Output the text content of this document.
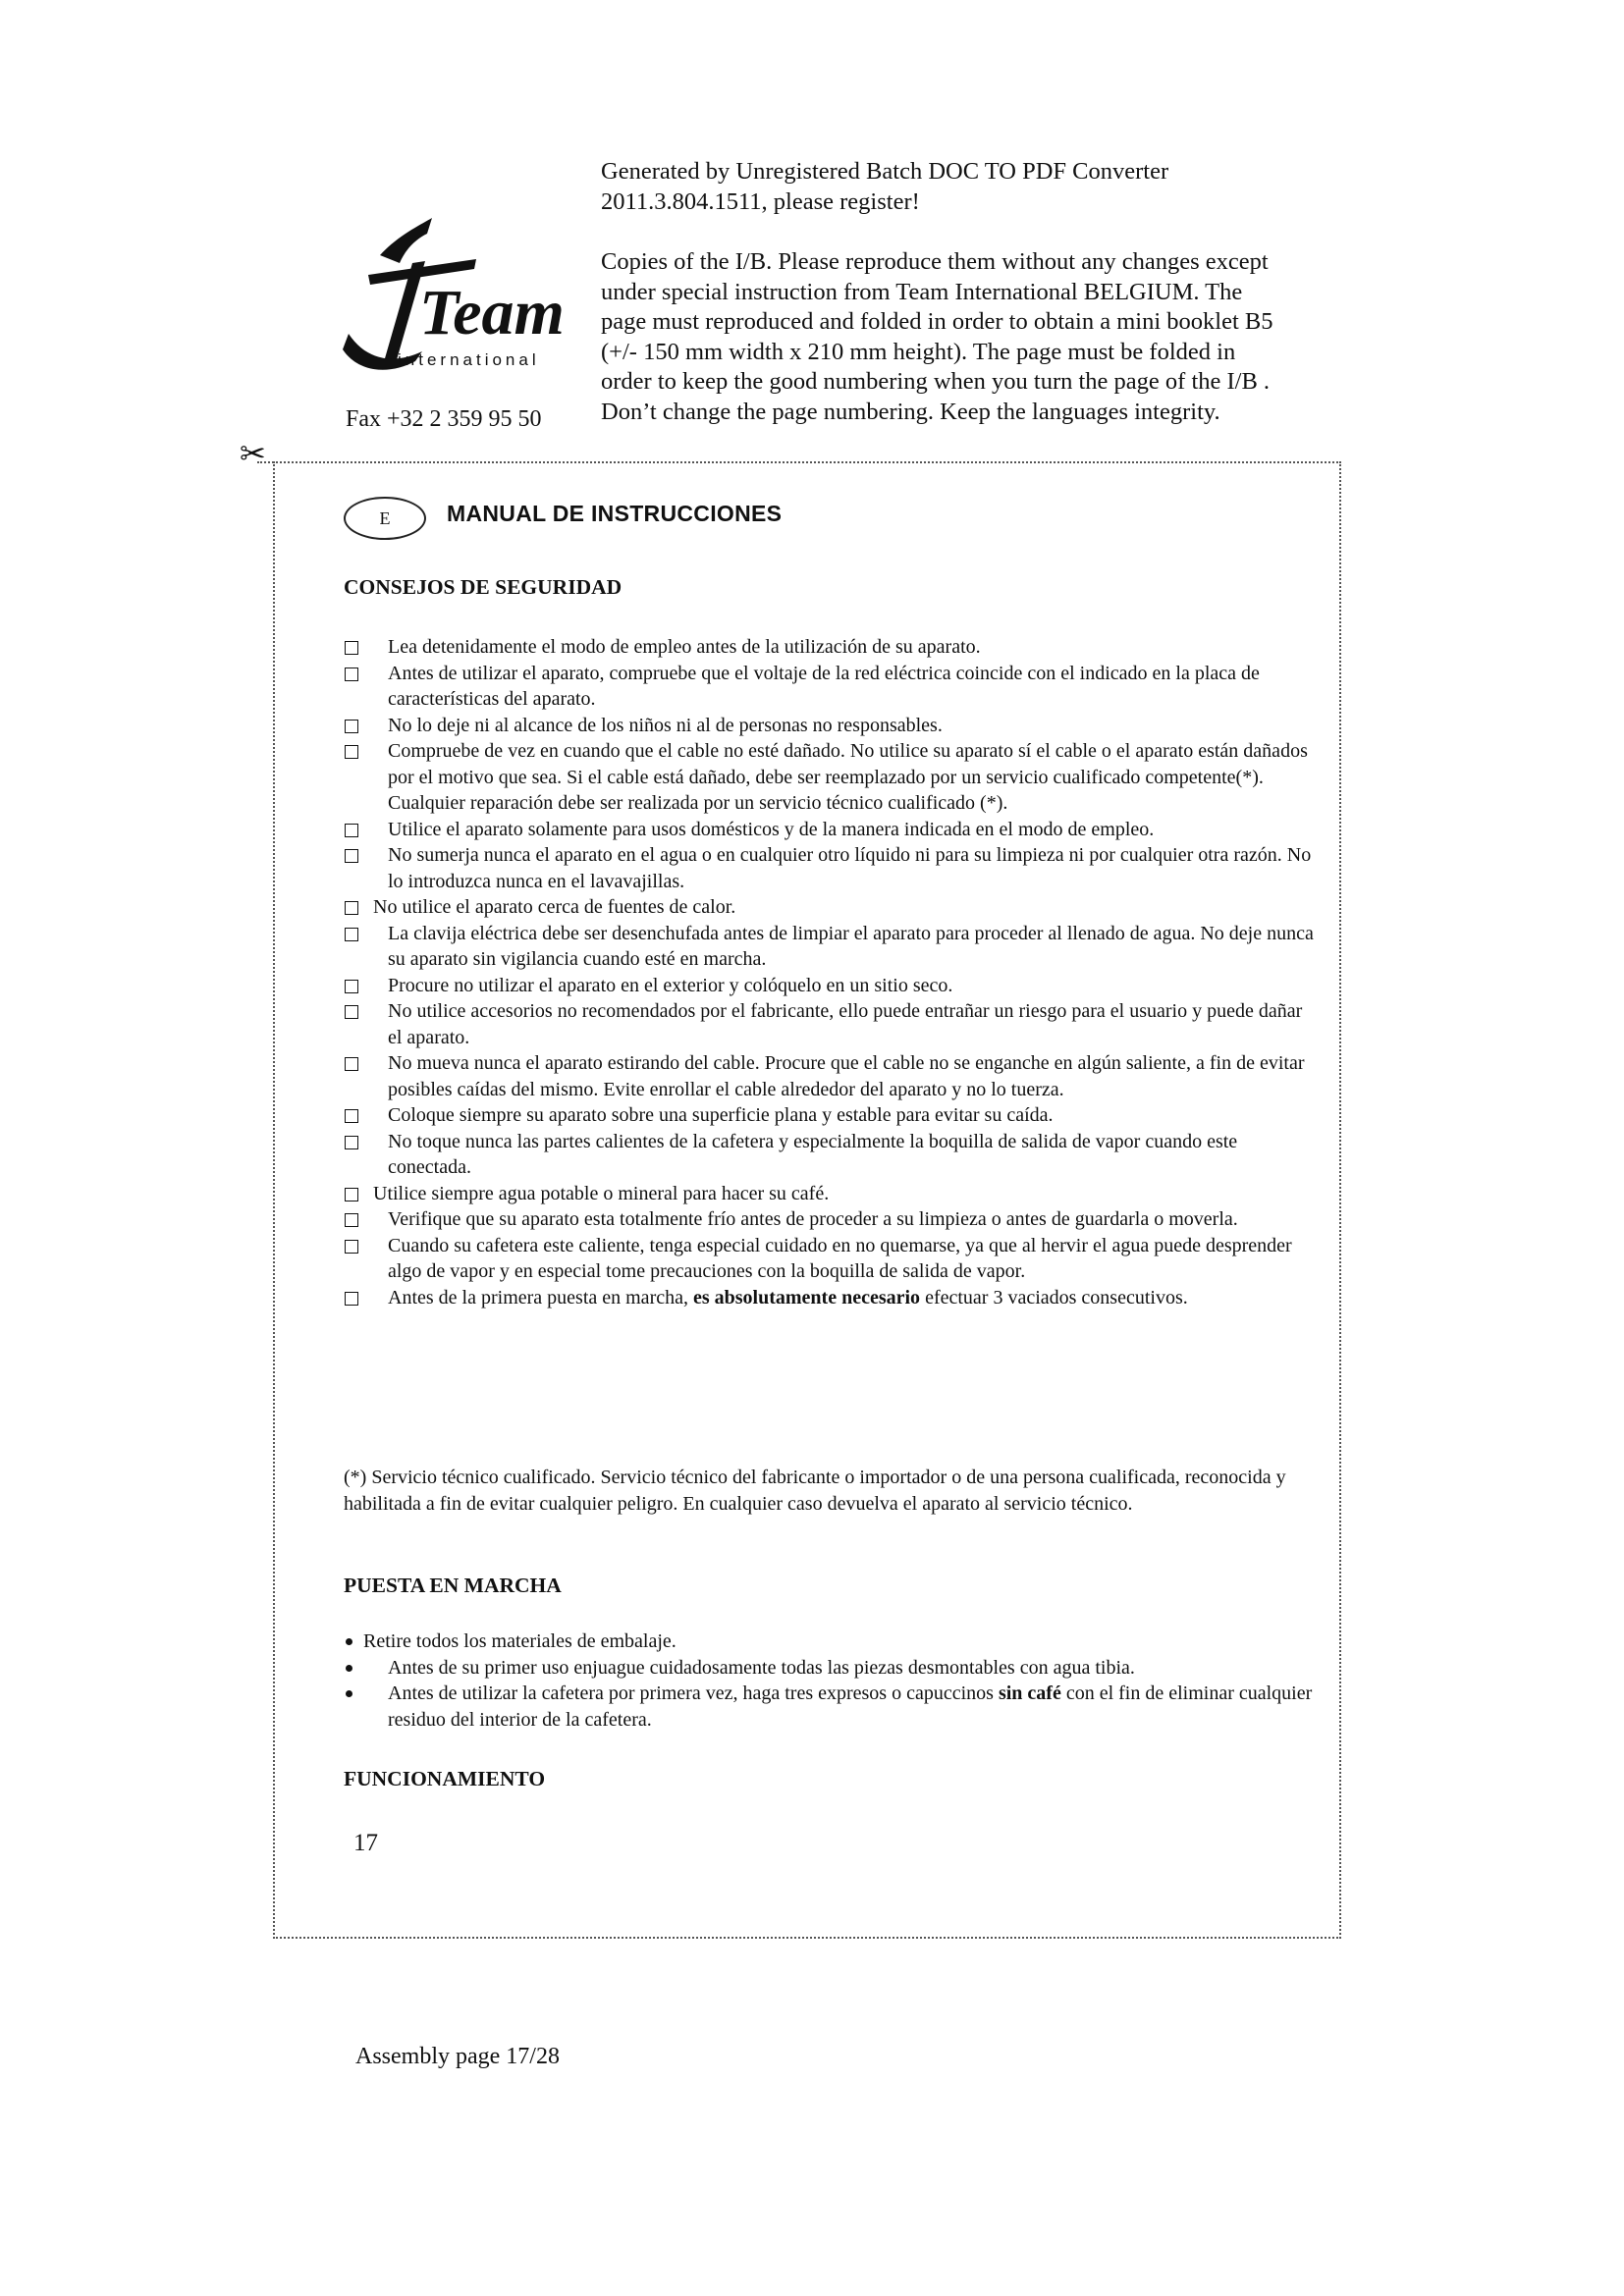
Generated by Unregistered Batch DOC TO PDF Converter
2011.3.804.1511, please register!

Copies of the I/B. Please reproduce them without any changes except under special instruction from Team International BELGIUM. The page must reproduced and folded in order to obtain a mini booklet B5 (+/- 150 mm width x 210 mm height). The page must be folded in order to keep the good numbering when you turn the page of the I/B . Don’t change the page numbering. Keep the languages integrity.

Team
international
Fax +32 2 359 95 50
✂
E	MANUAL DE INSTRUCCIONES
CONSEJOS DE SEGURIDAD
Lea detenidamente el modo de empleo antes de la utilización de su aparato.
Antes de utilizar el aparato, compruebe que el voltaje de la red eléctrica coincide con el indicado en la placa de características del aparato.
No lo deje ni al alcance de los niños ni al de personas no responsables.
Compruebe de vez en cuando que el cable no esté dañado. No utilice su aparato sí el cable o el aparato están dañados por el motivo que sea. Si el cable está dañado, debe ser reemplazado por un servicio cualificado competente(*). Cualquier reparación debe ser realizada por un servicio técnico cualificado (*).
Utilice el aparato solamente para usos domésticos y de la manera indicada en el modo de empleo.
No sumerja nunca el aparato en el agua o en cualquier otro líquido ni para su limpieza ni por cualquier otra razón. No lo introduzca nunca en el lavavajillas.
No utilice el aparato cerca de fuentes de calor.
La clavija eléctrica debe ser desenchufada antes de limpiar el aparato para proceder al llenado de agua. No deje nunca su aparato sin vigilancia cuando esté en marcha.
Procure no utilizar el aparato en el exterior y colóquelo en un sitio seco.
No utilice accesorios no recomendados por el fabricante, ello puede entrañar un riesgo para el usuario y puede dañar el aparato.
No mueva nunca el aparato estirando del cable. Procure que el cable no se enganche en algún saliente, a fin de evitar posibles caídas del mismo. Evite enrollar el cable alrededor del aparato y no lo tuerza.
Coloque siempre su aparato sobre una superficie plana y estable para evitar su caída.
No toque nunca las partes calientes de la cafetera y especialmente la boquilla de salida de vapor cuando este conectada.
Utilice siempre agua potable o mineral para hacer su café.
Verifique que su aparato esta totalmente frío antes de proceder a su limpieza o antes de guardarla o moverla.
Cuando su cafetera este caliente, tenga especial cuidado en no quemarse, ya que al hervir el agua puede desprender algo de vapor y en especial tome precauciones con la boquilla de salida de vapor.
Antes de la primera puesta en marcha, es absolutamente necesario efectuar 3 vaciados consecutivos.

(*) Servicio técnico cualificado. Servicio técnico del fabricante o importador o de una persona cualificada, reconocida y habilitada a fin de evitar cualquier peligro. En cualquier caso devuelva el aparato al servicio técnico.

PUESTA EN MARCHA
Retire todos los materiales de embalaje.
Antes de su primer uso enjuague cuidadosamente todas las piezas desmontables con agua tibia.
Antes de utilizar la cafetera por primera vez, haga tres expresos o capuccinos sin café con el fin de eliminar cualquier residuo del interior de la cafetera.
FUNCIONAMIENTO
17
Assembly page 17/28
